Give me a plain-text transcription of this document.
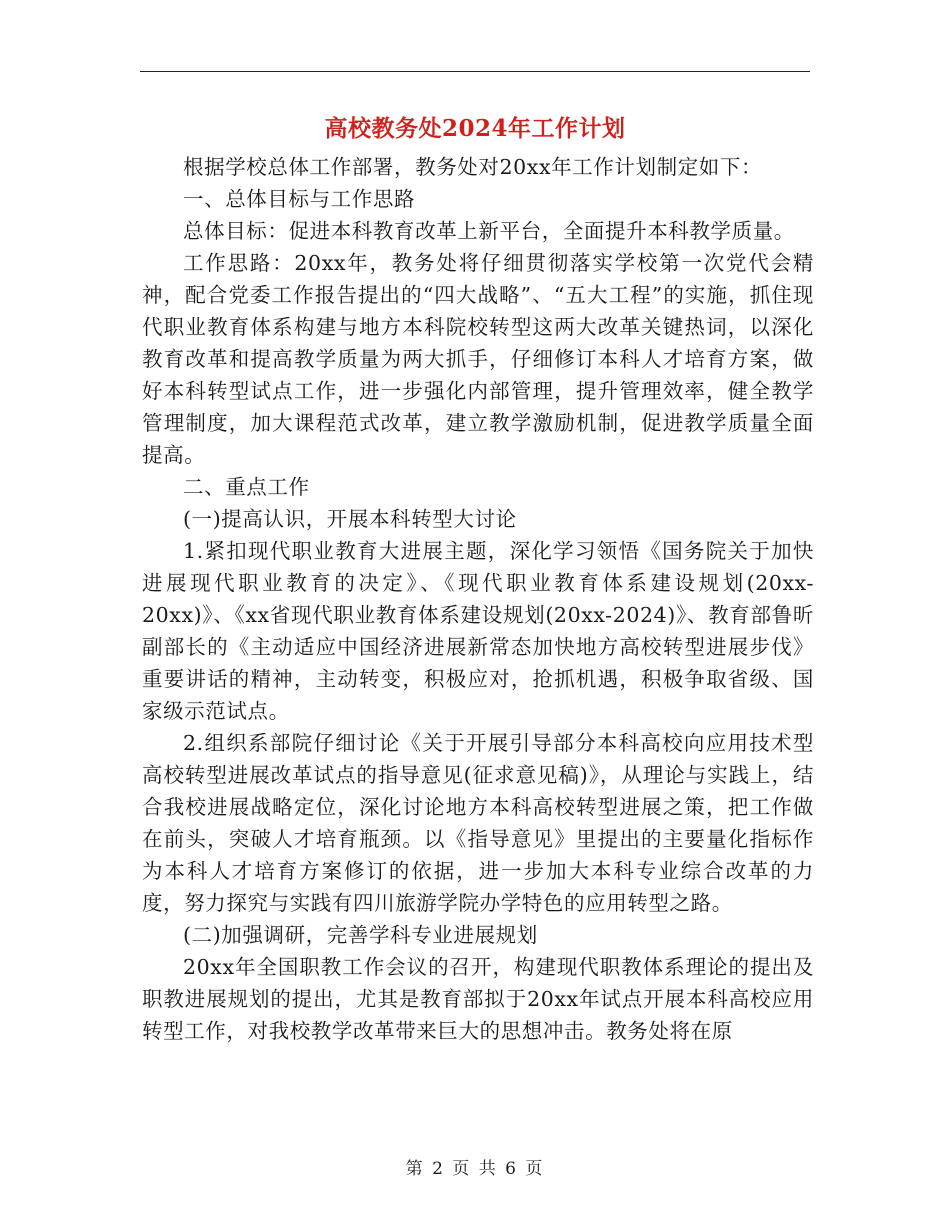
高校教务处2024年工作计划

根据学校总体工作部署，教务处对20xx年工作计划制定如下：

一、总体目标与工作思路

总体目标：促进本科教育改革上新平台，全面提升本科教学质量。

工作思路：20xx年，教务处将仔细贯彻落实学校第一次党代会精神，配合党委工作报告提出的“四大战略”、“五大工程”的实施，抓住现代职业教育体系构建与地方本科院校转型这两大改革关键热词，以深化教育改革和提高教学质量为两大抓手，仔细修订本科人才培育方案，做好本科转型试点工作，进一步强化内部管理，提升管理效率，健全教学管理制度，加大课程范式改革，建立教学激励机制，促进教学质量全面提高。

二、重点工作

(一)提高认识，开展本科转型大讨论

1.紧扣现代职业教育大进展主题，深化学习领悟《国务院关于加快进展现代职业教育的决定》、《现代职业教育体系建设规划(20xx-20xx)》、《xx省现代职业教育体系建设规划(20xx-2024)》、教育部鲁昕副部长的《主动适应中国经济进展新常态加快地方高校转型进展步伐》重要讲话的精神，主动转变，积极应对，抢抓机遇，积极争取省级、国家级示范试点。

2.组织系部院仔细讨论《关于开展引导部分本科高校向应用技术型高校转型进展改革试点的指导意见(征求意见稿)》，从理论与实践上，结合我校进展战略定位，深化讨论地方本科高校转型进展之策，把工作做在前头，突破人才培育瓶颈。以《指导意见》里提出的主要量化指标作为本科人才培育方案修订的依据，进一步加大本科专业综合改革的力度，努力探究与实践有四川旅游学院办学特色的应用转型之路。

(二)加强调研，完善学科专业进展规划

20xx年全国职教工作会议的召开，构建现代职教体系理论的提出及职教进展规划的提出，尤其是教育部拟于20xx年试点开展本科高校应用转型工作，对我校教学改革带来巨大的思想冲击。教务处将在原

第 2 页 共 6 页
